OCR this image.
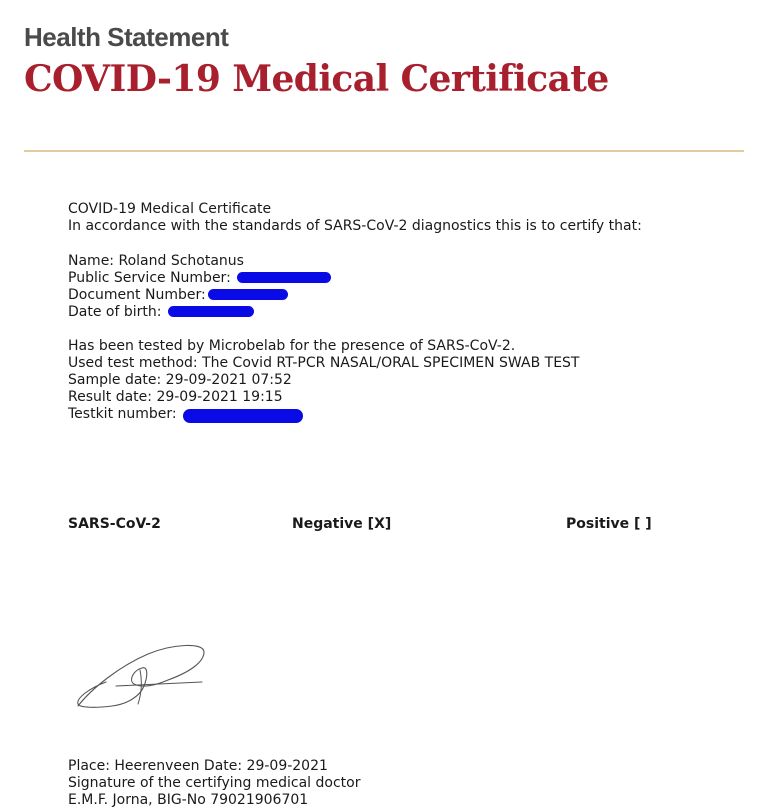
Health Statement
COVID-19 Medical Certificate
COVID-19 Medical Certificate
In accordance with the standards of SARS-CoV-2 diagnostics this is to certify that:
Name: Roland Schotanus
Public Service Number:
Document Number:
Date of birth:
Has been tested by Microbelab for the presence of SARS-CoV-2.
Used test method: The Covid RT-PCR NASAL/ORAL SPECIMEN SWAB TEST
Sample date: 29-09-2021 07:52
Result date: 29-09-2021 19:15
Testkit number:
SARS-CoV-2	Negative [X]	Positive [ ]
Place: Heerenveen Date: 29-09-2021
Signature of the certifying medical doctor
E.M.F. Jorna, BIG-No 79021906701
